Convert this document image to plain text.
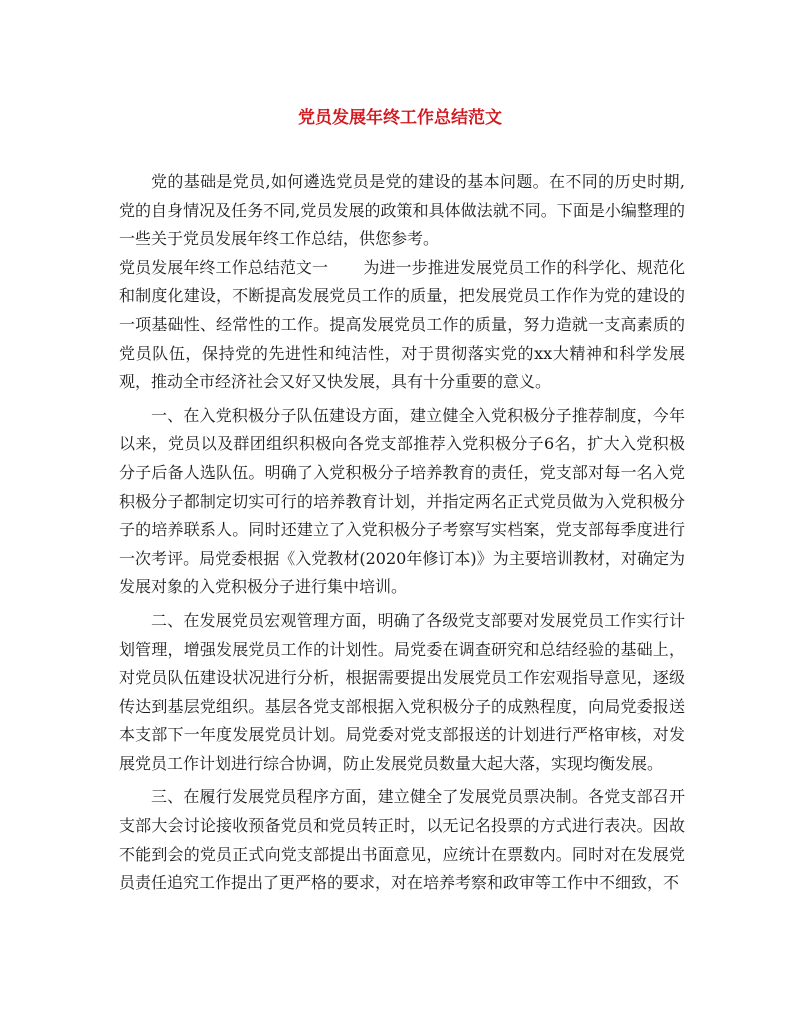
党员发展年终工作总结范文

党的基础是党员,如何遴选党员是党的建设的基本问题。在不同的历史时期,党的自身情况及任务不同,党员发展的政策和具体做法就不同。下面是小编整理的一些关于党员发展年终工作总结，供您参考。

党员发展年终工作总结范文一 为进一步推进发展党员工作的科学化、规范化和制度化建设，不断提高发展党员工作的质量，把发展党员工作作为党的建设的一项基础性、经常性的工作。提高发展党员工作的质量，努力造就一支高素质的党员队伍，保持党的先进性和纯洁性，对于贯彻落实党的xx大精神和科学发展观，推动全市经济社会又好又快发展，具有十分重要的意义。

一、在入党积极分子队伍建设方面，建立健全入党积极分子推荐制度，今年以来，党员以及群团组织积极向各党支部推荐入党积极分子6名，扩大入党积极分子后备人选队伍。明确了入党积极分子培养教育的责任，党支部对每一名入党积极分子都制定切实可行的培养教育计划，并指定两名正式党员做为入党积极分子的培养联系人。同时还建立了入党积极分子考察写实档案，党支部每季度进行一次考评。局党委根据《入党教材(2020年修订本)》为主要培训教材，对确定为发展对象的入党积极分子进行集中培训。

二、在发展党员宏观管理方面，明确了各级党支部要对发展党员工作实行计划管理，增强发展党员工作的计划性。局党委在调查研究和总结经验的基础上，对党员队伍建设状况进行分析，根据需要提出发展党员工作宏观指导意见，逐级传达到基层党组织。基层各党支部根据入党积极分子的成熟程度，向局党委报送本支部下一年度发展党员计划。局党委对党支部报送的计划进行严格审核，对发展党员工作计划进行综合协调，防止发展党员数量大起大落，实现均衡发展。

三、在履行发展党员程序方面，建立健全了发展党员票决制。各党支部召开支部大会讨论接收预备党员和党员转正时，以无记名投票的方式进行表决。因故不能到会的党员正式向党支部提出书面意见，应统计在票数内。同时对在发展党员责任追究工作提出了更严格的要求，对在培养考察和政审等工作中不细致，不
